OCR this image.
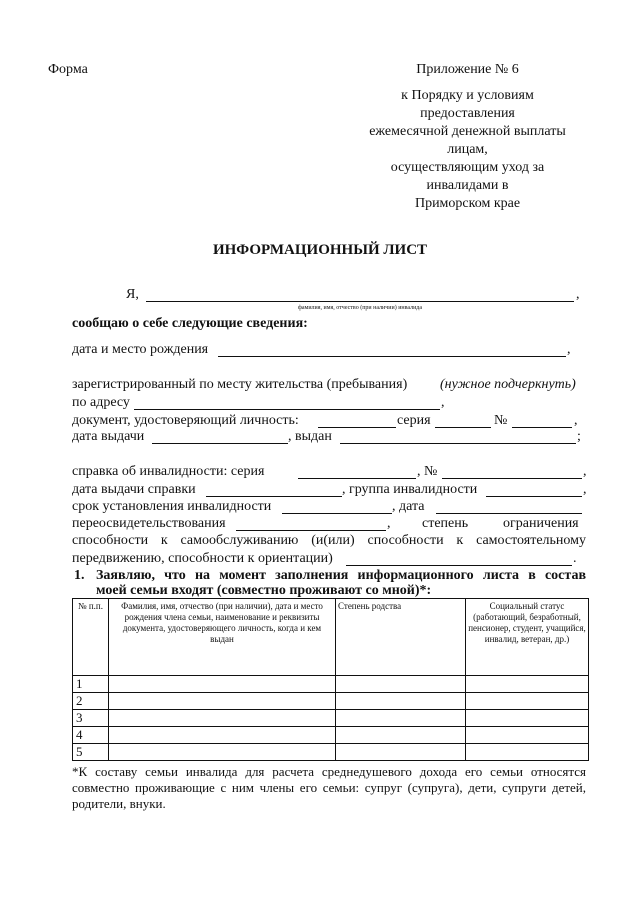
Форма	Приложение № 6
к Порядку и условиям
предоставления
ежемесячной денежной выплаты
лицам,
осуществляющим уход за
инвалидами в
Приморском крае
ИНФОРМАЦИОННЫЙ ЛИСТ
Я,	,
фамилия, имя, отчество (при наличии) инвалида
сообщаю о себе следующие сведения:
дата и место рождения	,
зарегистрированный по месту жительства (пребывания) (нужное подчеркнуть)
по адресу	,
документ, удостоверяющий личность:	серия	№	,
дата выдачи	, выдан	;
справка об инвалидности: серия	, №	,
дата выдачи справки	, группа инвалидности	,
срок установления инвалидности	, дата
переосвидетельствования	, степень ограничения
способности к самообслуживанию (и(или) способности к самостоятельному
передвижению, способности к ориентации)	.
1. Заявляю, что на момент заполнения информационного листа в состав
моей семьи входят (совместно проживают со мной)*:
№ п.п.	Фамилия, имя, отчество (при наличии), дата и место рождения члена семьи, наименование и реквизиты документа, удостоверяющего личность, когда и кем выдан	Степень родства	Социальный статус (работающий, безработный, пенсионер, студент, учащийся, инвалид, ветеран, др.)
1			
2			
3			
4			
5			
*К составу семьи инвалида для расчета среднедушевого дохода его семьи относятся
совместно проживающие с ним члены его семьи: супруг (супруга), дети, супруги детей,
родители, внуки.
